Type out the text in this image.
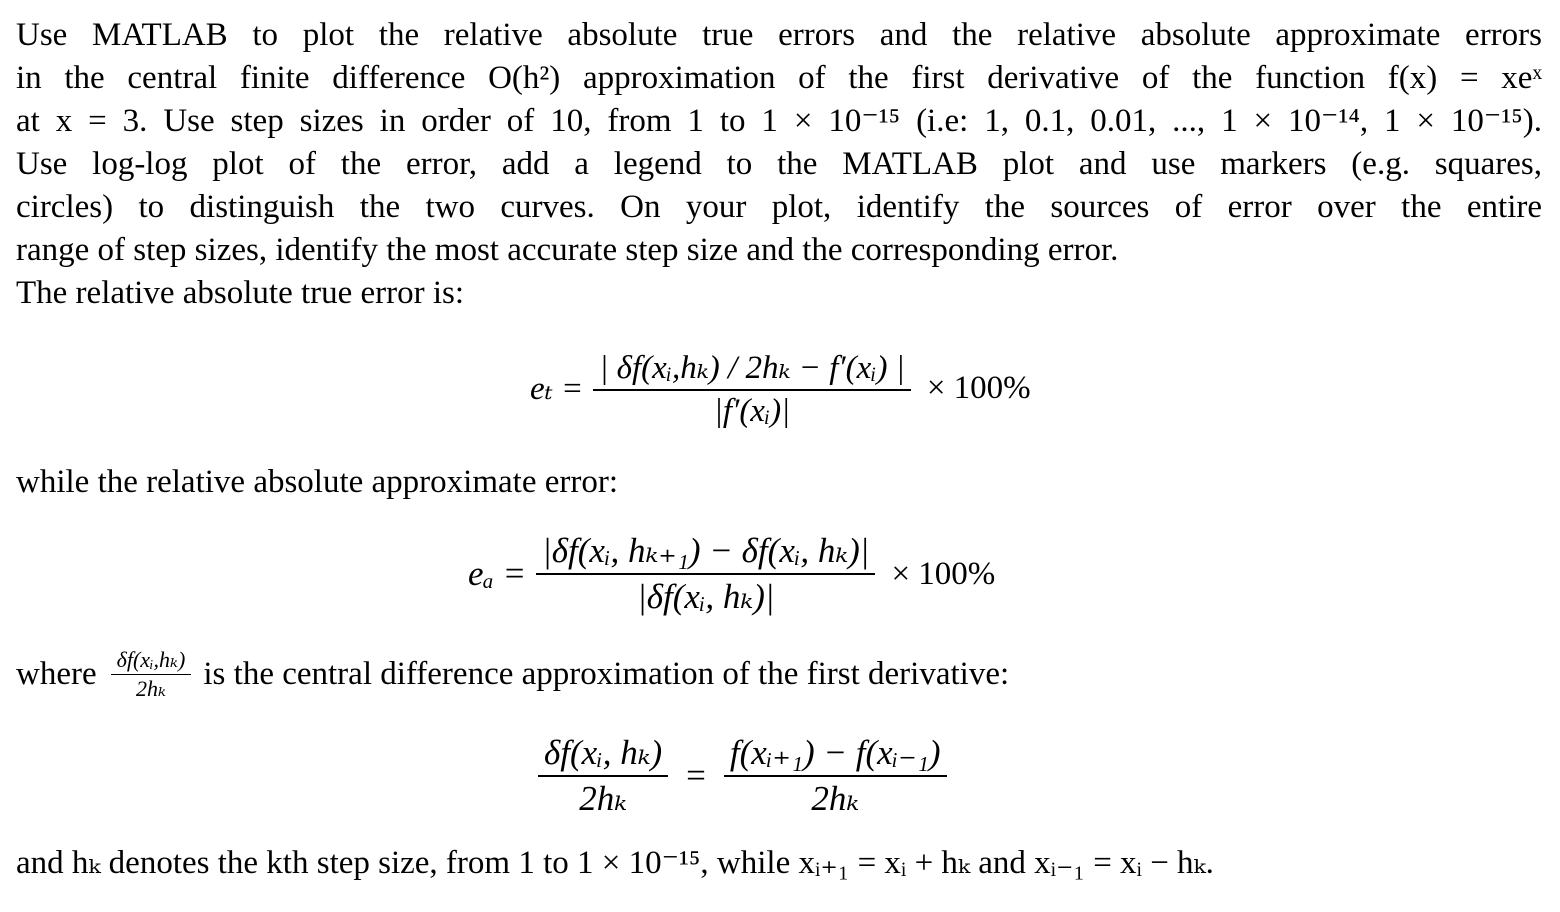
Use MATLAB to plot the relative absolute true errors and the relative absolute approximate errors
in the central finite difference O(h²) approximation of the first derivative of the function f(x) = xeˣ
at x = 3. Use step sizes in order of 10, from 1 to 1 × 10⁻¹⁵ (i.e: 1, 0.1, 0.01, ..., 1 × 10⁻¹⁴, 1 × 10⁻¹⁵).
Use log-log plot of the error, add a legend to the MATLAB plot and use markers (e.g. squares,
circles) to distinguish the two curves. On your plot, identify the sources of error over the entire
range of step sizes, identify the most accurate step size and the corresponding error.
The relative absolute true error is:
$e_t = \frac{\text{| δf(xᵢ,hₖ) / 2hₖ − f′(xᵢ) |}}{\text{|f′(xᵢ)|}} \times 100\%$
while the relative absolute approximate error:
$e_a = \frac{\text{|δf(xᵢ, hₖ₊₁) − δf(xᵢ, hₖ)|}}{\text{|δf(xᵢ, hₖ)|}} \times 100\%$
where $\frac{\text{δf(xᵢ,hₖ)}}{\text{2hₖ}}$ is the central difference approximation of the first derivative:
$\frac{\text{δf(xᵢ, hₖ)}}{\text{2hₖ}} = \frac{\text{f(xᵢ₊₁) − f(xᵢ₋₁)}}{\text{2hₖ}}$
and hₖ denotes the kth step size, from 1 to 1 × 10⁻¹⁵, while xᵢ₊₁ = xᵢ + hₖ and xᵢ₋₁ = xᵢ − hₖ.
